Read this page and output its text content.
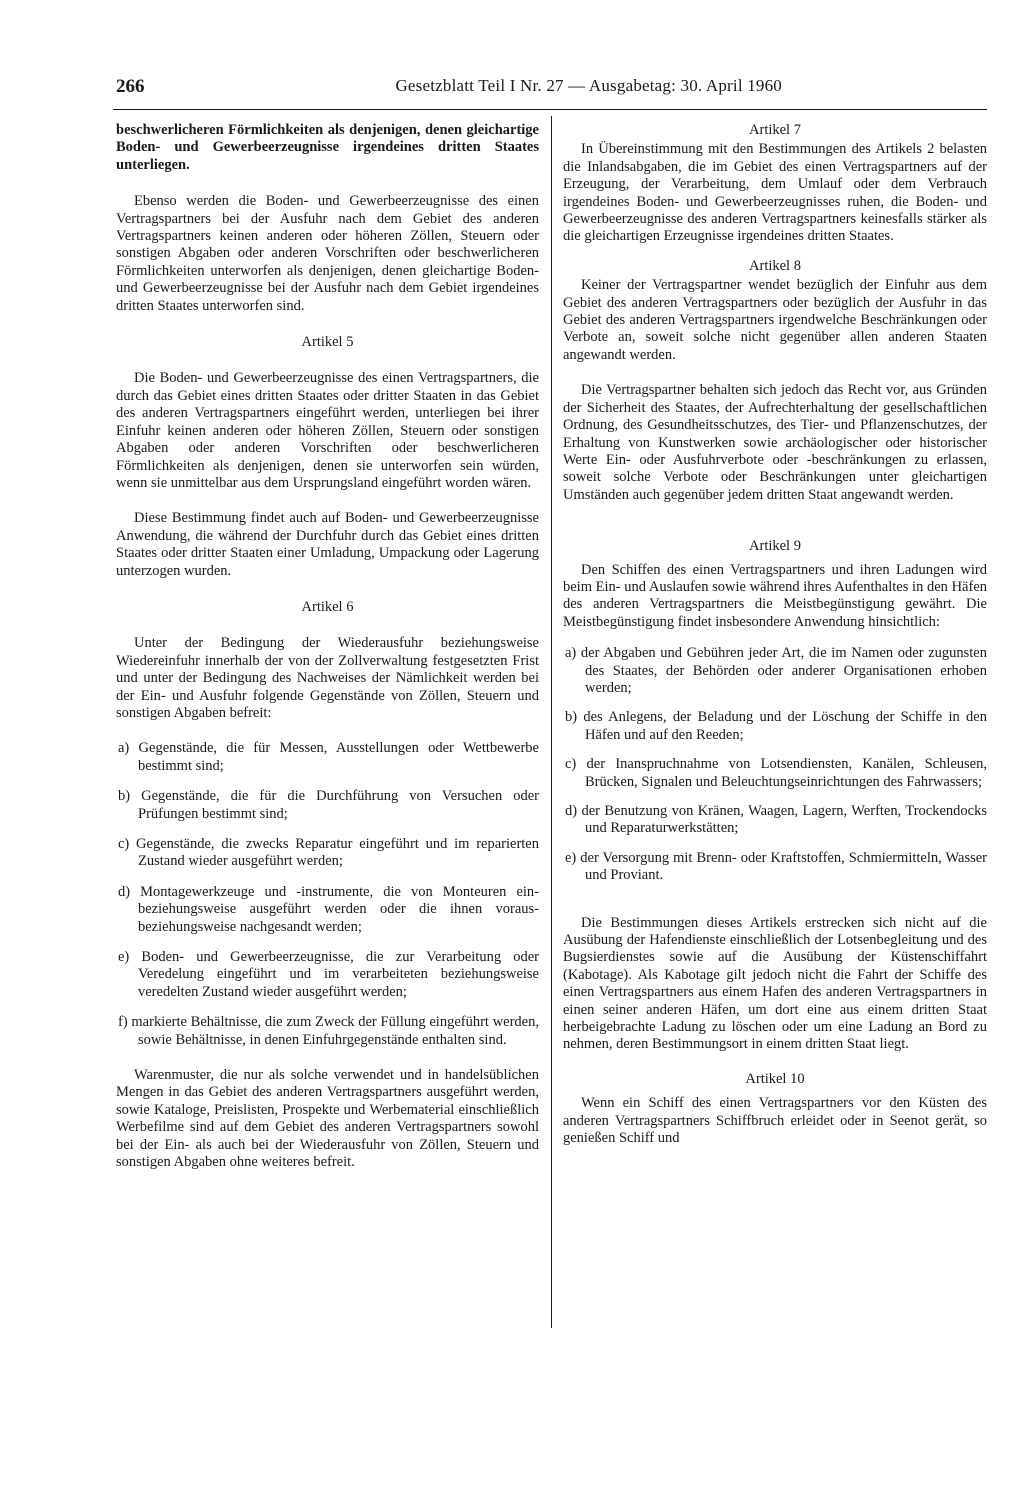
266	Gesetzblatt Teil I Nr. 27 — Ausgabetag: 30. April 1960

beschwerlicheren Förmlichkeiten als denjenigen, denen gleichartige Boden- und Gewerbeerzeugnisse irgendeines dritten Staates unterliegen.

Ebenso werden die Boden- und Gewerbeerzeugnisse des einen Vertragspartners bei der Ausfuhr nach dem Gebiet des anderen Vertragspartners keinen anderen oder höheren Zöllen, Steuern oder sonstigen Abgaben oder anderen Vorschriften oder beschwerlicheren Förmlichkeiten unterworfen als denjenigen, denen gleichartige Boden- und Gewerbeerzeugnisse bei der Ausfuhr nach dem Gebiet irgendeines dritten Staates unterworfen sind.

Artikel 5

Die Boden- und Gewerbeerzeugnisse des einen Vertragspartners, die durch das Gebiet eines dritten Staates oder dritter Staaten in das Gebiet des anderen Vertragspartners eingeführt werden, unterliegen bei ihrer Einfuhr keinen anderen oder höheren Zöllen, Steuern oder sonstigen Abgaben oder anderen Vorschriften oder beschwerlicheren Förmlichkeiten als denjenigen, denen sie unterworfen sein würden, wenn sie unmittelbar aus dem Ursprungsland eingeführt worden wären.

Diese Bestimmung findet auch auf Boden- und Gewerbeerzeugnisse Anwendung, die während der Durchfuhr durch das Gebiet eines dritten Staates oder dritter Staaten einer Umladung, Umpackung oder Lagerung unterzogen wurden.

Artikel 6

Unter der Bedingung der Wiederausfuhr beziehungsweise Wiedereinfuhr innerhalb der von der Zollverwaltung festgesetzten Frist und unter der Bedingung des Nachweises der Nämlichkeit werden bei der Ein- und Ausfuhr folgende Gegenstände von Zöllen, Steuern und sonstigen Abgaben befreit:

a) Gegenstände, die für Messen, Ausstellungen oder Wettbewerbe bestimmt sind;

b) Gegenstände, die für die Durchführung von Versuchen oder Prüfungen bestimmt sind;

c) Gegenstände, die zwecks Reparatur eingeführt und im reparierten Zustand wieder ausgeführt werden;

d) Montagewerkzeuge und -instrumente, die von Monteuren ein- beziehungsweise ausgeführt werden oder die ihnen voraus- beziehungsweise nachgesandt werden;

e) Boden- und Gewerbeerzeugnisse, die zur Verarbeitung oder Veredelung eingeführt und im verarbeiteten beziehungsweise veredelten Zustand wieder ausgeführt werden;

f) markierte Behältnisse, die zum Zweck der Füllung eingeführt werden, sowie Behältnisse, in denen Einfuhrgegenstände enthalten sind.

Warenmuster, die nur als solche verwendet und in handelsüblichen Mengen in das Gebiet des anderen Vertragspartners ausgeführt werden, sowie Kataloge, Preislisten, Prospekte und Werbematerial einschließlich Werbefilme sind auf dem Gebiet des anderen Vertragspartners sowohl bei der Ein- als auch bei der Wiederausfuhr von Zöllen, Steuern und sonstigen Abgaben ohne weiteres befreit.

Artikel 7

In Übereinstimmung mit den Bestimmungen des Artikels 2 belasten die Inlandsabgaben, die im Gebiet des einen Vertragspartners auf der Erzeugung, der Verarbeitung, dem Umlauf oder dem Verbrauch irgendeines Boden- und Gewerbeerzeugnisses ruhen, die Boden- und Gewerbeerzeugnisse des anderen Vertragspartners keinesfalls stärker als die gleichartigen Erzeugnisse irgendeines dritten Staates.

Artikel 8

Keiner der Vertragspartner wendet bezüglich der Einfuhr aus dem Gebiet des anderen Vertragspartners oder bezüglich der Ausfuhr in das Gebiet des anderen Vertragspartners irgendwelche Beschränkungen oder Verbote an, soweit solche nicht gegenüber allen anderen Staaten angewandt werden.

Die Vertragspartner behalten sich jedoch das Recht vor, aus Gründen der Sicherheit des Staates, der Aufrechterhaltung der gesellschaftlichen Ordnung, des Gesundheitsschutzes, des Tier- und Pflanzenschutzes, der Erhaltung von Kunstwerken sowie archäologischer oder historischer Werte Ein- oder Ausfuhrverbote oder -beschränkungen zu erlassen, soweit solche Verbote oder Beschränkungen unter gleichartigen Umständen auch gegenüber jedem dritten Staat angewandt werden.

Artikel 9

Den Schiffen des einen Vertragspartners und ihren Ladungen wird beim Ein- und Auslaufen sowie während ihres Aufenthaltes in den Häfen des anderen Vertragspartners die Meistbegünstigung gewährt. Die Meistbegünstigung findet insbesondere Anwendung hinsichtlich:

a) der Abgaben und Gebühren jeder Art, die im Namen oder zugunsten des Staates, der Behörden oder anderer Organisationen erhoben werden;

b) des Anlegens, der Beladung und der Löschung der Schiffe in den Häfen und auf den Reeden;

c) der Inanspruchnahme von Lotsendiensten, Kanälen, Schleusen, Brücken, Signalen und Beleuchtungseinrichtungen des Fahrwassers;

d) der Benutzung von Kränen, Waagen, Lagern, Werften, Trockendocks und Reparaturwerkstätten;

e) der Versorgung mit Brenn- oder Kraftstoffen, Schmiermitteln, Wasser und Proviant.

Die Bestimmungen dieses Artikels erstrecken sich nicht auf die Ausübung der Hafendienste einschließlich der Lotsenbegleitung und des Bugsierdienstes sowie auf die Ausübung der Küstenschiffahrt (Kabotage). Als Kabotage gilt jedoch nicht die Fahrt der Schiffe des einen Vertragspartners aus einem Hafen des anderen Vertragspartners in einen seiner anderen Häfen, um dort eine aus einem dritten Staat herbeigebrachte Ladung zu löschen oder um eine Ladung an Bord zu nehmen, deren Bestimmungsort in einem dritten Staat liegt.

Artikel 10

Wenn ein Schiff des einen Vertragspartners vor den Küsten des anderen Vertragspartners Schiffbruch erleidet oder in Seenot gerät, so genießen Schiff und
